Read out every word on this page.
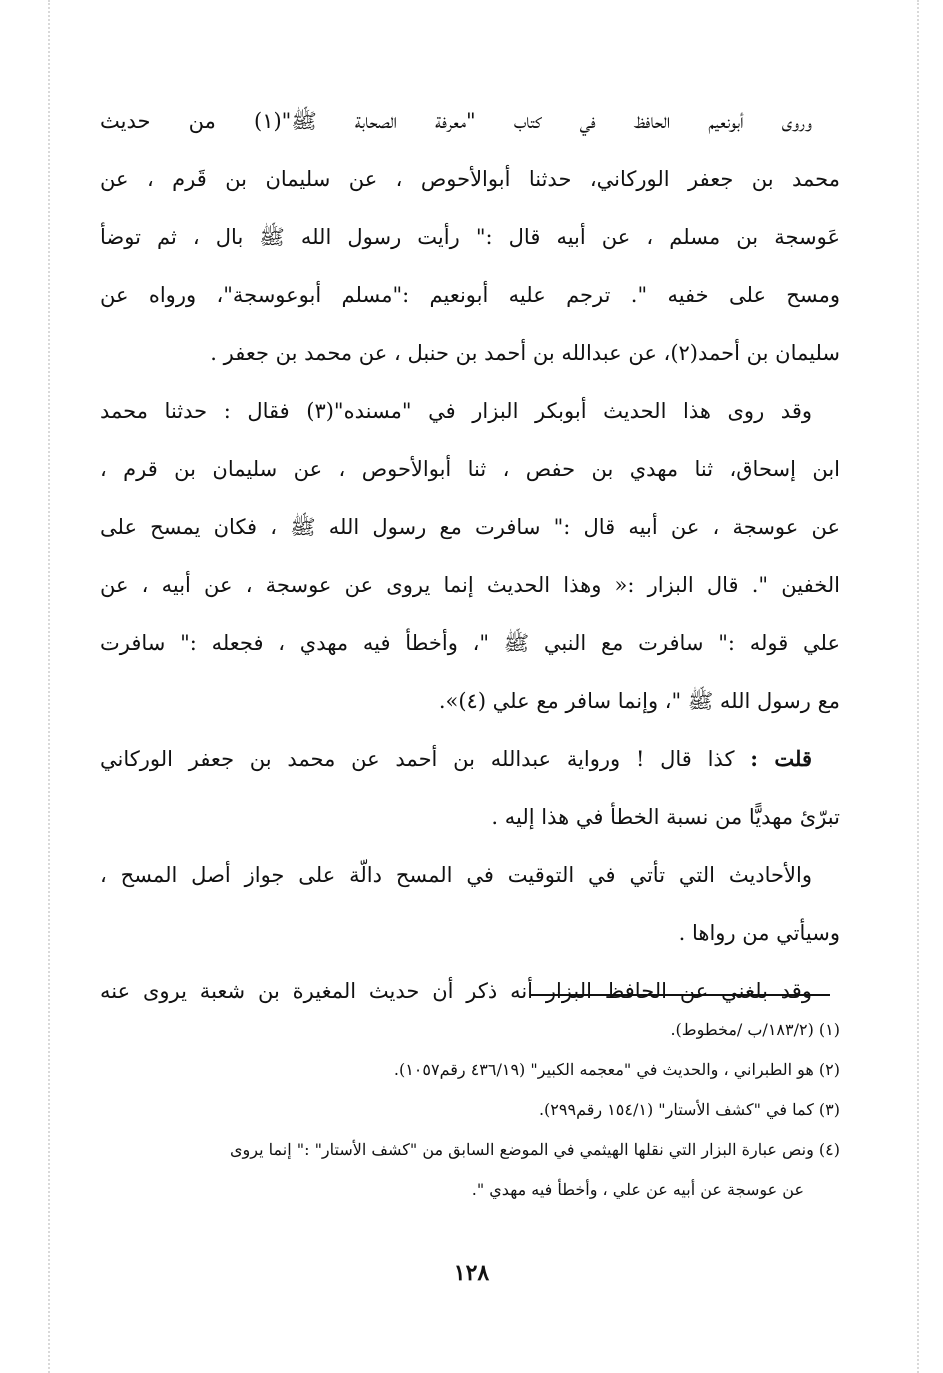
وروى أبونعيم الحافظ في كتاب "معرفة الصحابة ﷺ"(١) من حديث
محمد بن جعفر الوركاني، حدثنا أبوالأحوص ، عن سليمان بن قَرم ، عن
عَوسجة بن مسلم ، عن أبيه قال :" رأيت رسول الله ﷺ بال ، ثم توضأ
ومسح على خفيه ". ترجم عليه أبونعيم :"مسلم أبوعوسجة"، ورواه عن
سليمان بن أحمد(٢)، عن عبدالله بن أحمد بن حنبل ، عن محمد بن جعفر .
وقد روى هذا الحديث أبوبكر البزار في "مسنده"(٣) فقال : حدثنا محمد
ابن إسحاق، ثنا مهدي بن حفص ، ثنا أبوالأحوص ، عن سليمان بن قرم ،
عن عوسجة ، عن أبيه قال :" سافرت مع رسول الله ﷺ ، فكان يمسح على
الخفين ". قال البزار :« وهذا الحديث إنما يروى عن عوسجة ، عن أبيه ، عن
علي قوله :" سافرت مع النبي ﷺ "، وأخطأ فيه مهدي ، فجعله :" سافرت
مع رسول الله ﷺ "، وإنما سافر مع علي (٤)».
قلت : كذا قال ! ورواية عبدالله بن أحمد عن محمد بن جعفر الوركاني
تبرّئ مهديًّا من نسبة الخطأ في هذا إليه .
والأحاديث التي تأتي في التوقيت في المسح دالّة على جواز أصل المسح ،
وسيأتي من رواها .
وقد بلغني عن الحافظ البزار أنه ذكر أن حديث المغيرة بن شعبة يروى عنه
(١) (١٨٣/٢/ب /مخطوط).
(٢) هو الطبراني ، والحديث في "معجمه الكبير" (٤٣٦/١٩ رقم١٠٥٧).
(٣) كما في "كشف الأستار" (١٥٤/١ رقم٢٩٩).
(٤) ونص عبارة البزار التي نقلها الهيثمي في الموضع السابق من "كشف الأستار" :" إنما يروى
عن عوسجة عن أبيه عن علي ، وأخطأ فيه مهدي ".
١٢٨
